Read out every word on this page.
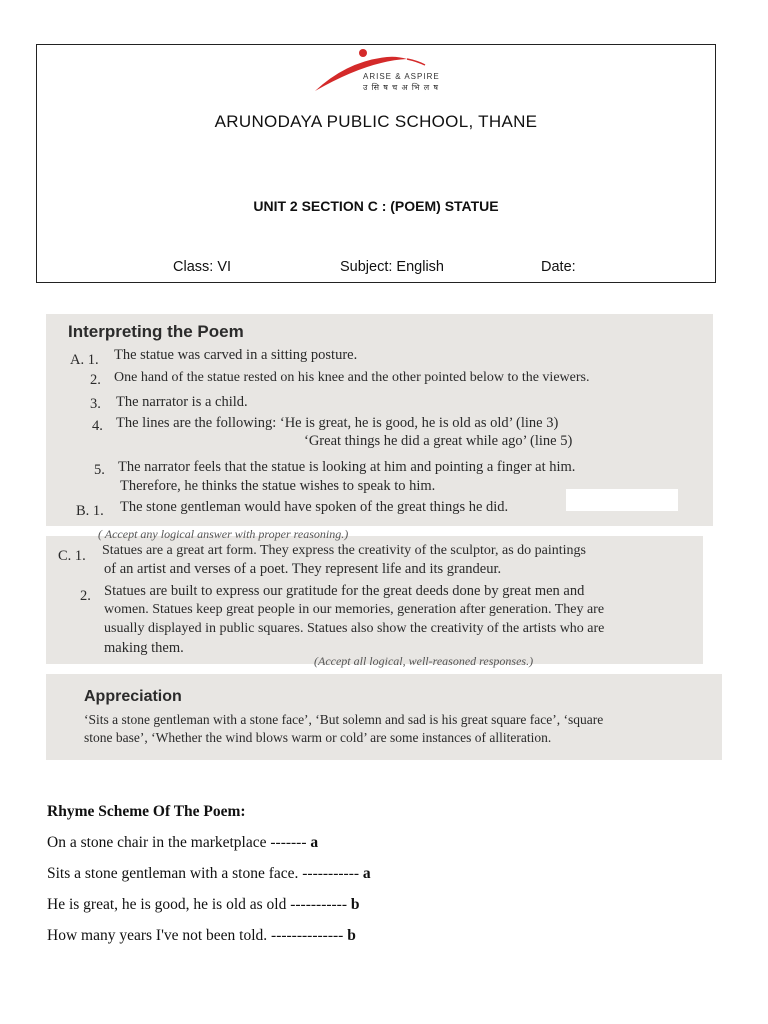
ARISE & ASPIRE
उ सि ष च अ भि ल ष
ARUNODAYA PUBLIC SCHOOL, THANE
UNIT 2 SECTION C : (POEM) STATUE
Class: VI	Subject: English	Date:
Interpreting the Poem
A. 1. The statue was carved in a sitting posture.
2. One hand of the statue rested on his knee and the other pointed below to the viewers.
3. The narrator is a child.
4. The lines are the following: ‘He is great, he is good, he is old as old’ (line 3)
‘Great things he did a great while ago’ (line 5)
5. The narrator feels that the statue is looking at him and pointing a finger at him.
Therefore, he thinks the statue wishes to speak to him.
B. 1. The stone gentleman would have spoken of the great things he did.
( Accept any logical answer with proper reasoning.)
C. 1. Statues are a great art form. They express the creativity of the sculptor, as do paintings
of an artist and verses of a poet. They represent life and its grandeur.
2. Statues are built to express our gratitude for the great deeds done by great men and
women. Statues keep great people in our memories, generation after generation. They are
usually displayed in public squares. Statues also show the creativity of the artists who are
making them.
(Accept all logical, well-reasoned responses.)
Appreciation
‘Sits a stone gentleman with a stone face’, ‘But solemn and sad is his great square face’, ‘square
stone base’, ‘Whether the wind blows warm or cold’ are some instances of alliteration.
Rhyme Scheme Of The Poem:
On a stone chair in the marketplace ------- a
Sits a stone gentleman with a stone face. ----------- a
He is great, he is good, he is old as old ----------- b
How many years I've not been told. -------------- b
